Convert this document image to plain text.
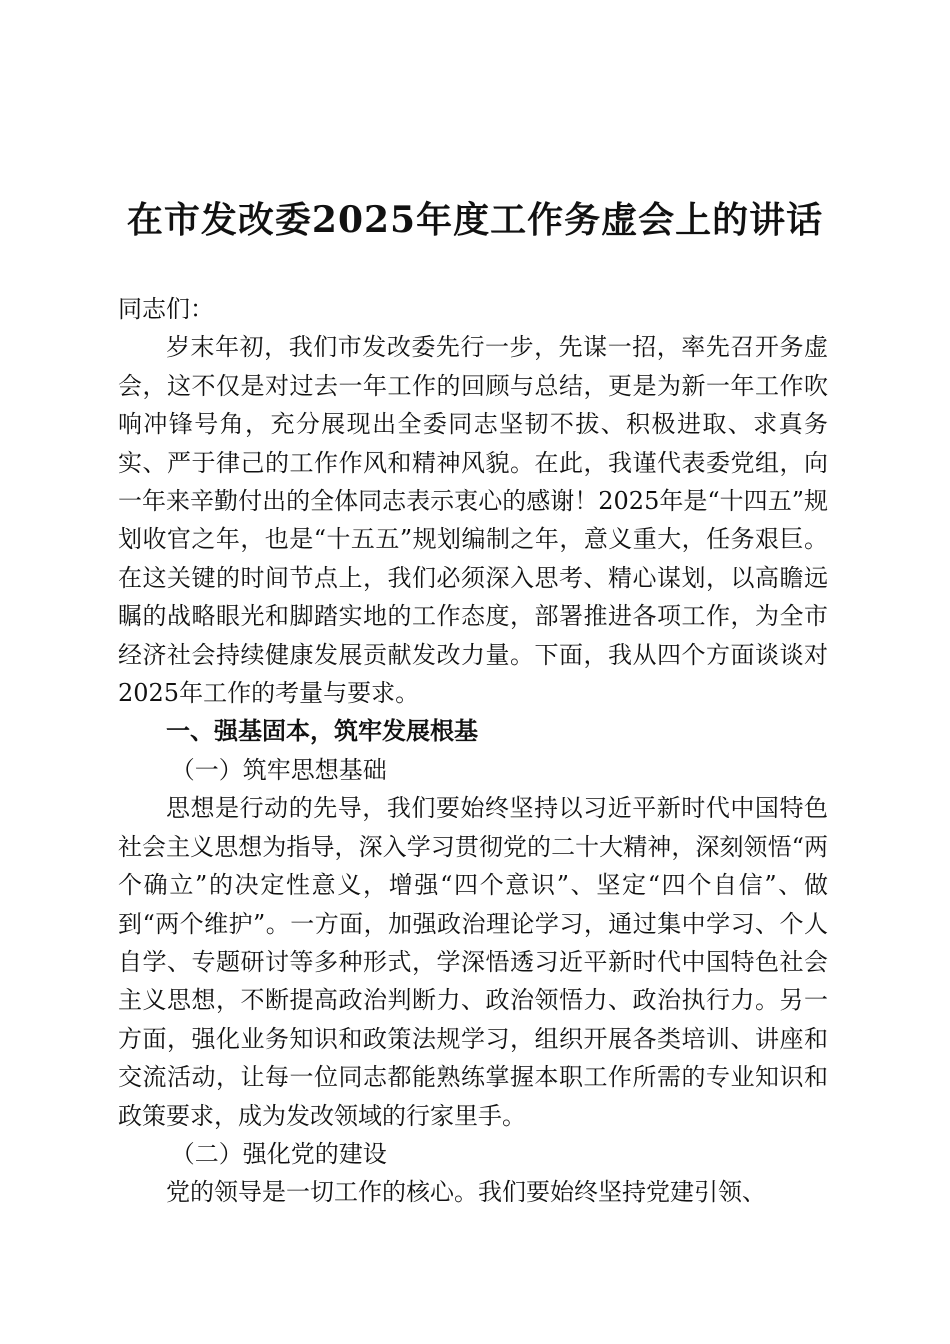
在市发改委2025年度工作务虚会上的讲话

同志们：

岁末年初，我们市发改委先行一步，先谋一招，率先召开务虚会，这不仅是对过去一年工作的回顾与总结，更是为新一年工作吹响冲锋号角，充分展现出全委同志坚韧不拔、积极进取、求真务实、严于律己的工作作风和精神风貌。在此，我谨代表委党组，向一年来辛勤付出的全体同志表示衷心的感谢！2025年是“十四五”规划收官之年，也是“十五五”规划编制之年，意义重大，任务艰巨。在这关键的时间节点上，我们必须深入思考、精心谋划，以高瞻远瞩的战略眼光和脚踏实地的工作态度，部署推进各项工作，为全市经济社会持续健康发展贡献发改力量。下面，我从四个方面谈谈对2025年工作的考量与要求。

一、强基固本，筑牢发展根基

（一）筑牢思想基础

思想是行动的先导，我们要始终坚持以习近平新时代中国特色社会主义思想为指导，深入学习贯彻党的二十大精神，深刻领悟“两个确立”的决定性意义，增强“四个意识”、坚定“四个自信”、做到“两个维护”。一方面，加强政治理论学习，通过集中学习、个人自学、专题研讨等多种形式，学深悟透习近平新时代中国特色社会主义思想，不断提高政治判断力、政治领悟力、政治执行力。另一方面，强化业务知识和政策法规学习，组织开展各类培训、讲座和交流活动，让每一位同志都能熟练掌握本职工作所需的专业知识和政策要求，成为发改领域的行家里手。

（二）强化党的建设

党的领导是一切工作的核心。我们要始终坚持党建引领、
